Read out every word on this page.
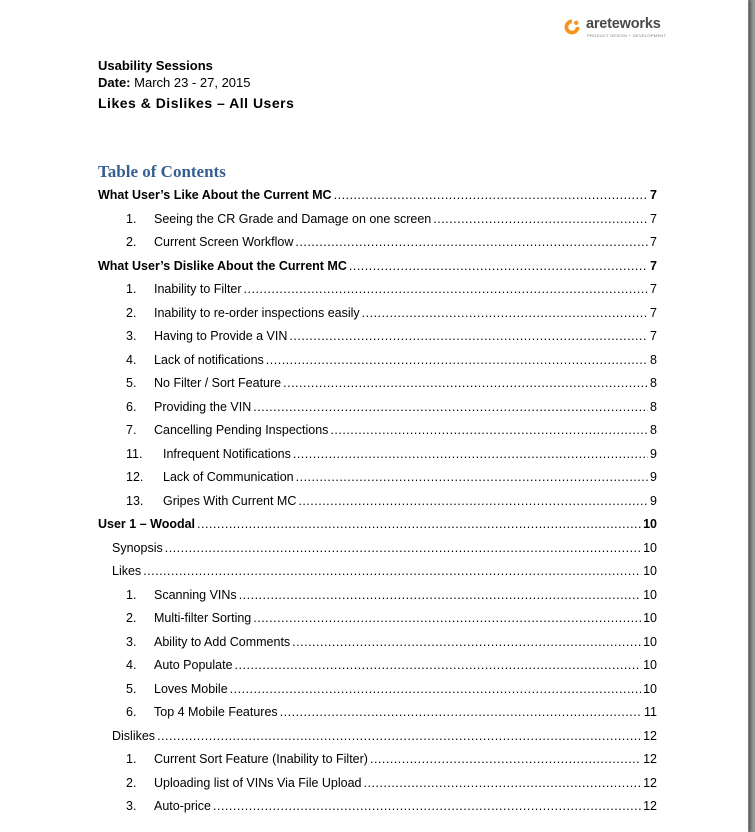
areteworks
PRODUCT DESIGN + DEVELOPMENT
Usability Sessions
Date: March 23 - 27, 2015
Likes & Dislikes – All Users
Table of Contents
What User’s Like About the Current MC .....	7
1.	Seeing the CR Grade and Damage on one screen .....	7
2.	Current Screen Workflow .....	7
What User’s Dislike About the Current MC .....	7
1.	Inability to Filter .....	7
2.	Inability to re-order inspections easily .....	7
3.	Having to Provide a VIN .....	7
4.	Lack of notifications .....	8
5.	No Filter / Sort Feature .....	8
6.	Providing the VIN .....	8
7.	Cancelling Pending Inspections .....	8
11.	Infrequent Notifications .....	9
12.	Lack of Communication .....	9
13.	Gripes With Current MC .....	9
User 1 – Woodal .....	10
Synopsis .....	10
Likes .....	10
1.	Scanning VINs .....	10
2.	Multi-filter Sorting .....	10
3.	Ability to Add Comments .....	10
4.	Auto Populate .....	10
5.	Loves Mobile .....	10
6.	Top 4 Mobile Features .....	11
Dislikes .....	12
1.	Current Sort Feature (Inability to Filter) .....	12
2.	Uploading list of VINs Via File Upload .....	12
3.	Auto-price .....	12
